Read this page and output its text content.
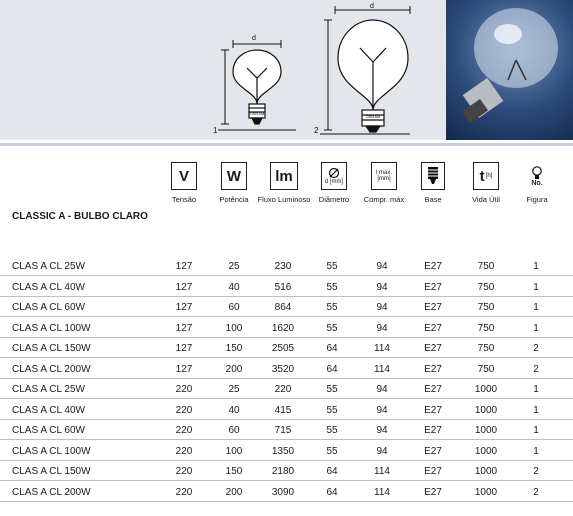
d
d
OSRAM
OSRAM
1	2
V	W lm	d [mm]
l max.
[mm]	t [h]
No.
Tensão	Potência	Fluxo Luminoso	Diâmetro	Compr. máx	Base	Vida Útil	Figura
CLASSIC A - BULBO CLARO
CLAS A CL 25W	127	25	230	55	94	E27	750	1
CLAS A CL 40W	127	40	516	55	94	E27	750	1
CLAS A CL 60W	127	60	864	55	94	E27	750	1
CLAS A CL 100W	127	100	1620	55	94	E27	750	1
CLAS A CL 150W	127	150	2505	64	114	E27	750	2
CLAS A CL 200W	127	200	3520	64	114	E27	750	2
CLAS A CL 25W	220	25	220	55	94	E27	1000	1
CLAS A CL 40W	220	40	415	55	94	E27	1000	1
CLAS A CL 60W	220	60	715	55	94	E27	1000	1
CLAS A CL 100W	220	100	1350	55	94	E27	1000	1
CLAS A CL 150W	220	150	2180	64	114	E27	1000	2
CLAS A CL 200W	220	200	3090	64	114	E27	1000	2
